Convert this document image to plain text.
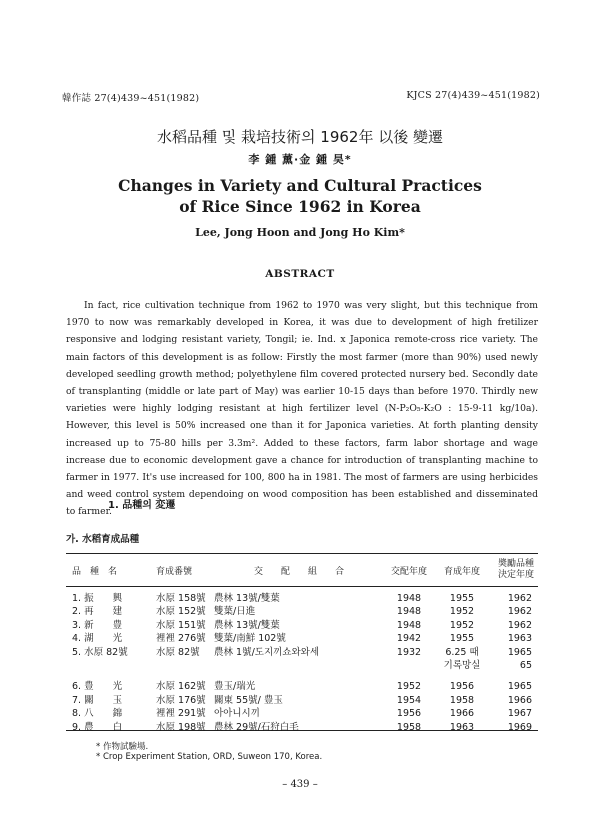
韓作誌 27(4)439~451(1982)	KJCS 27(4)439~451(1982)
水稻品種 및 栽培技術의 1962年 以後 變遷
李 鍾 薰·金 鍾 昊*
Changes in Variety and Cultural Practices
of Rice Since 1962 in Korea
Lee, Jong Hoon and Jong Ho Kim*
ABSTRACT

In fact, rice cultivation technique from 1962 to 1970 was very slight, but this technique from 1970 to now was remarkably developed in Korea, it was due to development of high fretilizer responsive and lodging resistant variety, Tongil; ie. Ind. x Japonica remote-cross rice variety. The main factors of this development is as follow: Firstly the most farmer (more than 90%) used newly developed seedling growth method; polyethylene film covered protected nursery bed. Secondly date of transplanting (middle or late part of May) was earlier 10-15 days than before 1970. Thirdly new varieties were highly lodging resistant at high fertilizer level (N-P₂O₅-K₂O : 15-9-11 kg/10a). However, this level is 50% increased one than it for Japonica varieties. At forth planting density increased up to 75-80 hills per 3.3m². Added to these factors, farm labor shortage and wage increase due to economic development gave a chance for introduction of transplanting machine to farmer in 1977. It's use increased for 100, 800 ha in 1981. The most of farmers are using herbicides and weed control system dependoing on wood composition has been established and disseminated to farmer.

1. 品種의 変遷
가. 水稻育成品種
品　種　名	育成番號	交　　配　　組　　合	交配年度	育成年度	奬勵品種
決定年度

1. 振　　興	水原 158號	農林 13號/雙葉	1948	1955	1962
2. 再　　建	水原 152號	雙葉/日進	1948	1952	1962
3. 新　　豊	水原 151號	農林 13號/雙葉	1948	1952	1962
4. 湖　　光	裡裡 276號	雙葉/南鮮 102號	1942	1955	1963
5. 水原 82號	水原 82號	農林 1號/도지끼쇼와와세	1932	6.25 때	1965
				기록망실	65

6. 豊　　光	水原 162號	豊玉/瑞光	1952	1956	1965
7. 關　　玉	水原 176號	關東 55號/ 豊玉	1954	1958	1966
8. 八　　錦	裡裡 291號	아아니시끼	1956	1966	1967
9. 農　　白	水原 198號	農林 29號/石狩白毛	1958	1963	1969
* 作物試驗場.
* Crop Experiment Station, ORD, Suweon 170, Korea.
– 439 –
